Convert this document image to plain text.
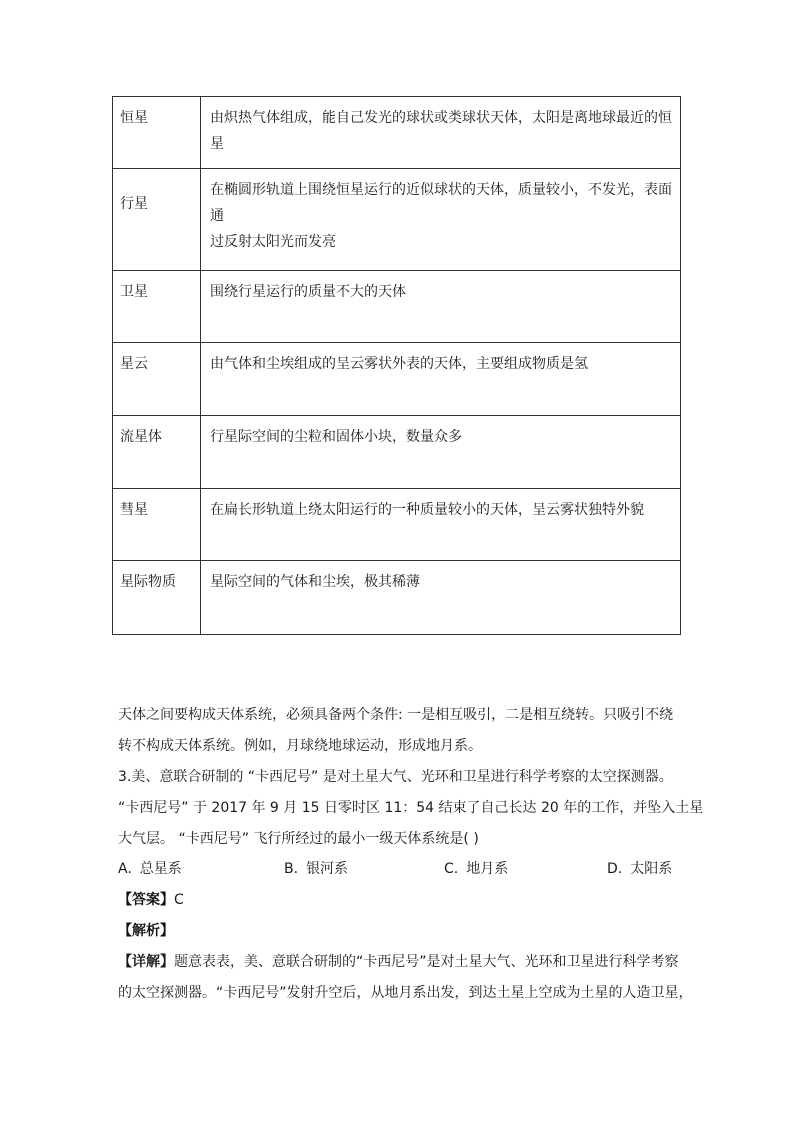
恒星	由炽热气体组成，能自己发光的球状或类球状天体，太阳是离地球最近的恒星
行星	在椭圆形轨道上围绕恒星运行的近似球状的天体，质量较小，不发光，表面通
过反射太阳光而发亮

卫星	围绕行星运行的质量不大的天体
星云	由气体和尘埃组成的呈云雾状外表的天体，主要组成物质是氢
流星体	行星际空间的尘粒和固体小块，数量众多
彗星	在扁长形轨道上绕太阳运行的一种质量较小的天体，呈云雾状独特外貌
星际物质	星际空间的气体和尘埃，极其稀薄

天体之间要构成天体系统，必须具备两个条件: 一是相互吸引，二是相互绕转。只吸引不绕
转不构成天体系统。例如，月球绕地球运动，形成地月系。

3.美、意联合研制的 “卡西尼号” 是对土星大气、光环和卫星进行科学考察的太空探测器。
“卡西尼号” 于 2017 年 9 月 15 日零时区 11：54 结束了自己长达 20 年的工作，并坠入土星
大气层。 “卡西尼号” 飞行所经过的最小一级天体系统是( )

A. 总星系	B. 银河系	C. 地月系	D. 太阳系
【答案】C
【解析】

【详解】题意表表，美、意联合研制的“卡西尼号”是对土星大气、光环和卫星进行科学考察
的太空探测器。“卡西尼号”发射升空后，从地月系出发，到达土星上空成为土星的人造卫星，
